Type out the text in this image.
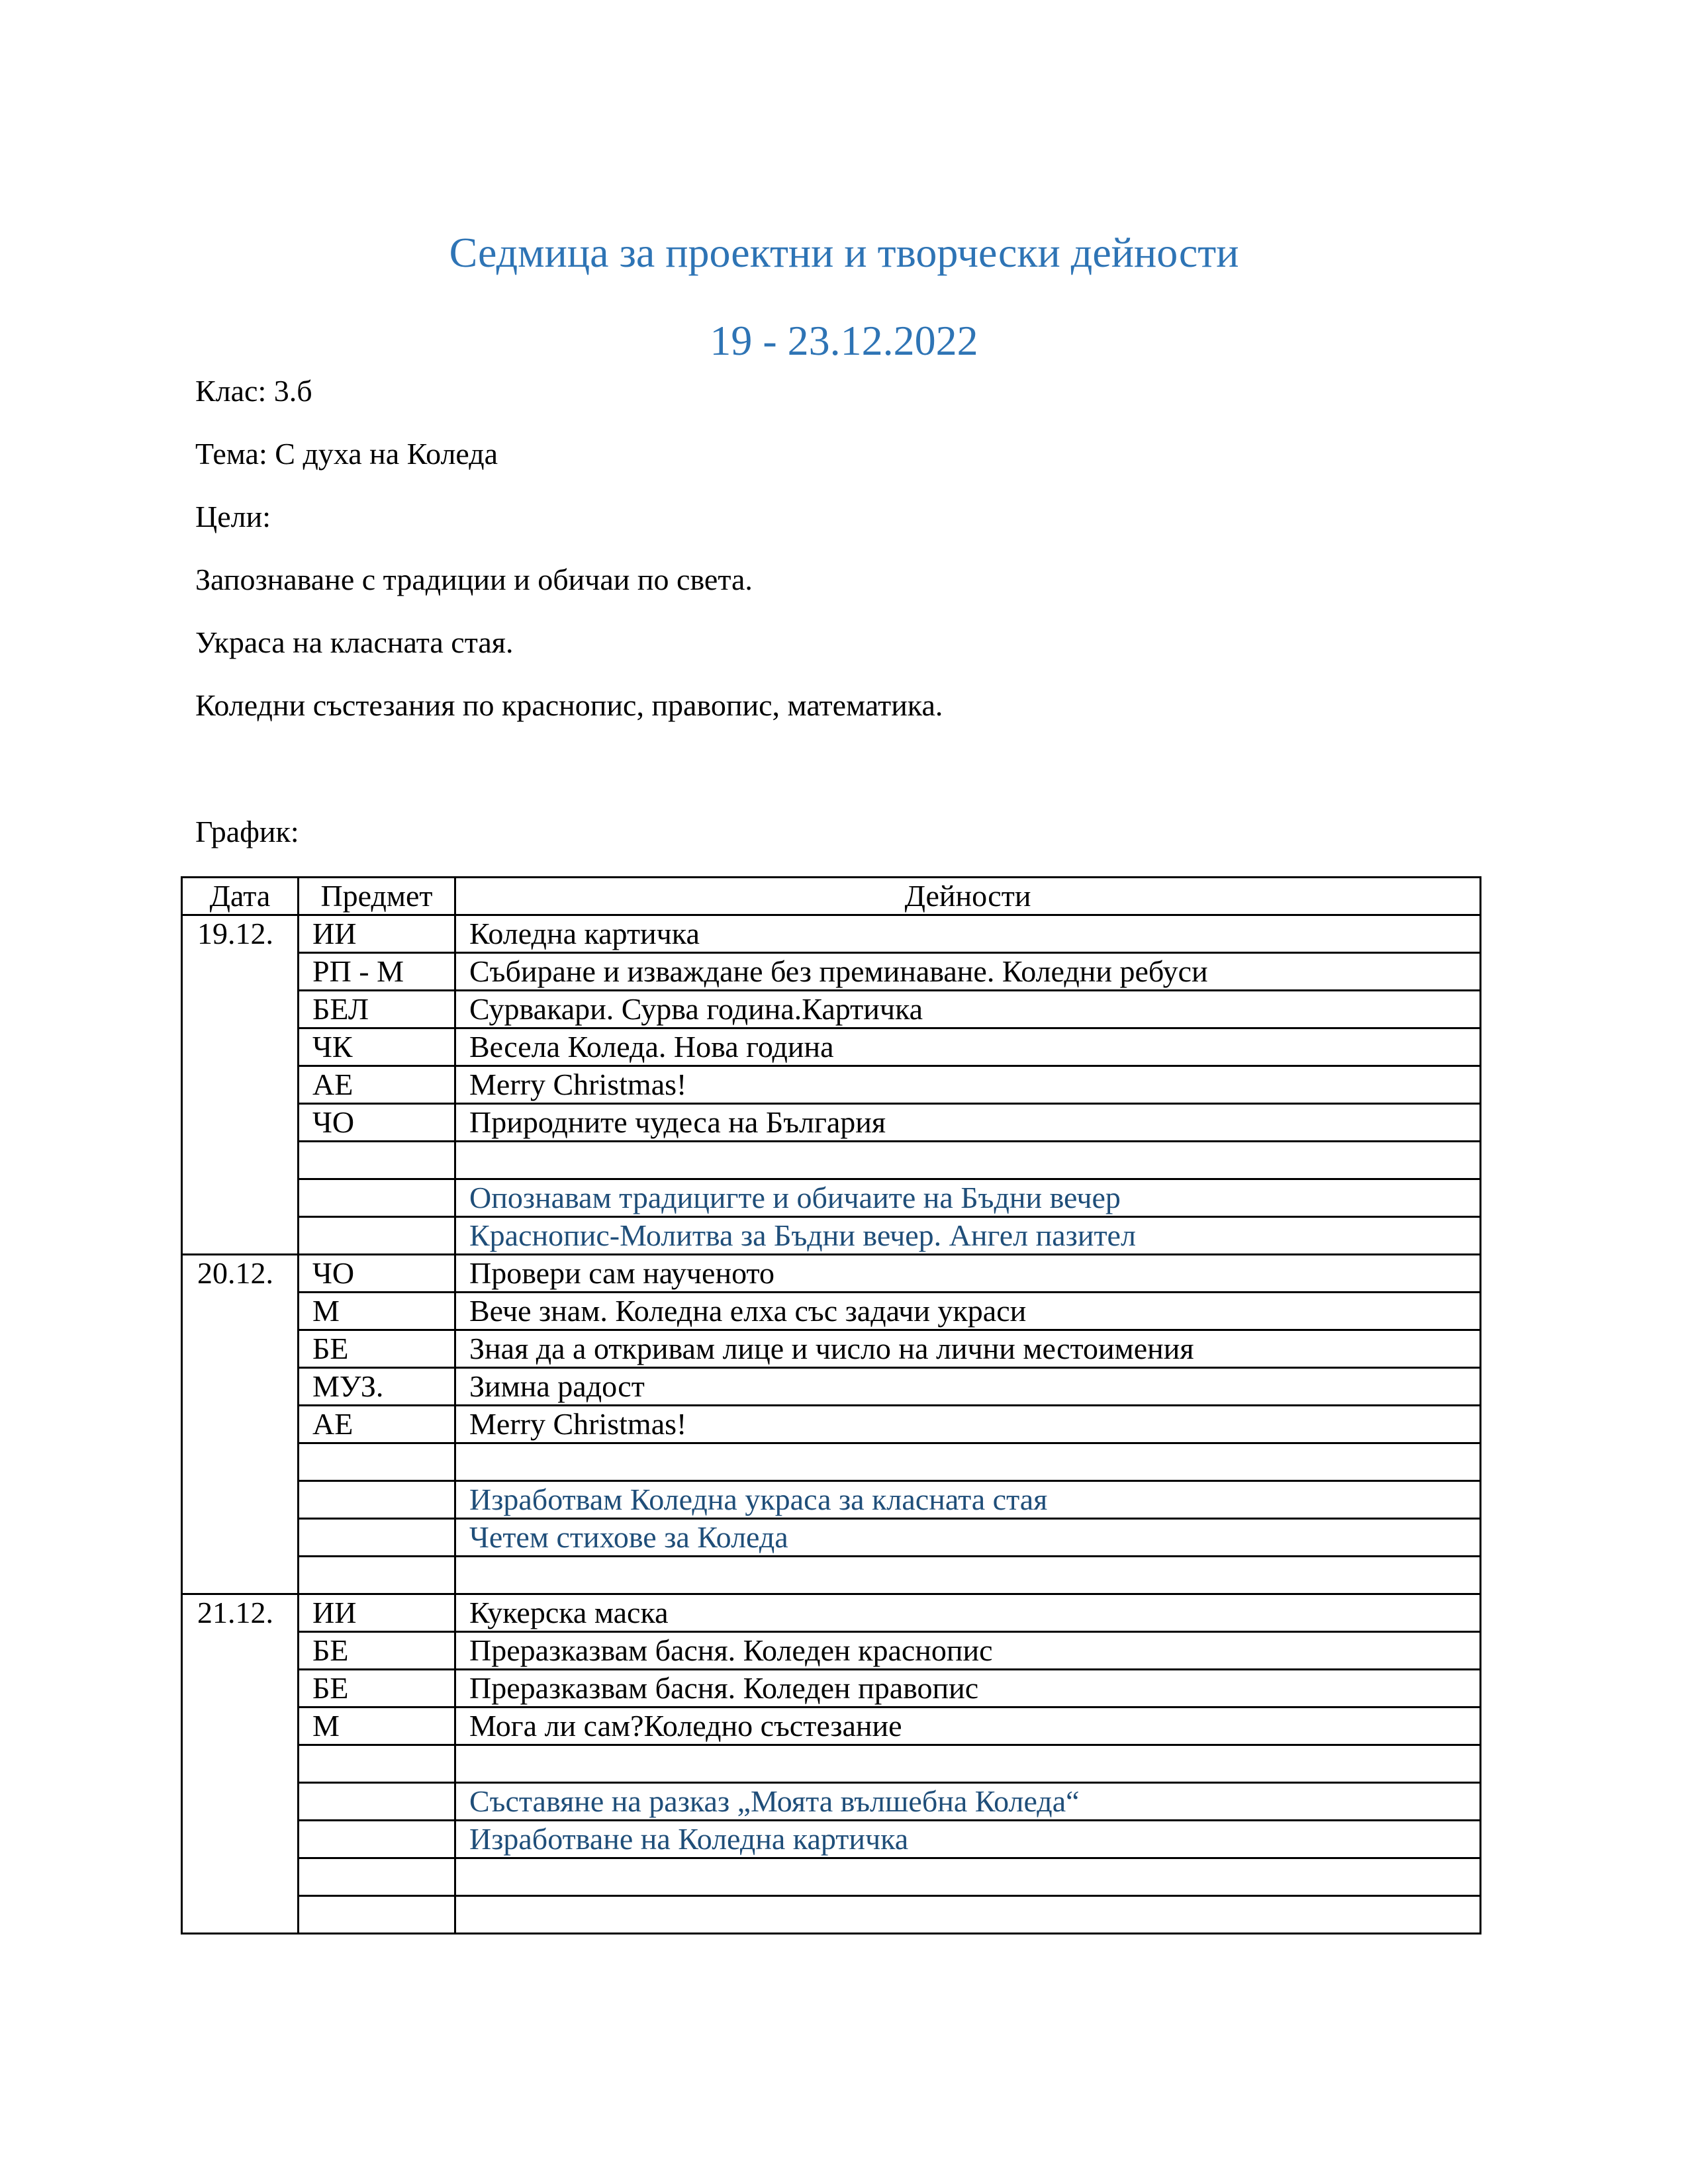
Седмица за проектни и творчески дейности
19 - 23.12.2022

Клас: 3.б

Тема: С духа на Коледа

Цели:

Запознаване с традиции и обичаи по света.

Украса на класната стая.

Коледни състезания по краснопис, правопис, математика.

График:

Дата	Предмет	Дейности
19.12.	ИИ	Коледна картичка
	РП - М	Събиране и изваждане без преминаване. Коледни ребуси
	БЕЛ	Сурвакари. Сурва година.Картичка
	ЧК	Весела Коледа. Нова година
	АЕ	Merry Christmas!
	ЧО	Природните чудеса на България

		Опознавам традицигте и обичаите на Бъдни вечер
		Краснопис-Молитва за Бъдни вечер. Ангел пазител
20.12.	ЧО	Провери сам наученото
	М	Вече знам. Коледна елха със задачи украси
	БЕ	Зная да а откривам лице и число на лични местоимения
	МУЗ.	Зимна радост
	АЕ	Merry Christmas!

		Изработвам Коледна украса за класната стая
		Четем стихове за Коледа

21.12.	ИИ	Кукерска маска
	БЕ	Преразказвам басня. Коледен краснопис
	БЕ	Преразказвам басня. Коледен правопис
	М	Мога ли сам?Коледно състезание

		Съставяне на разказ „Моята вълшебна Коледа“
		Изработване на Коледна картичка
